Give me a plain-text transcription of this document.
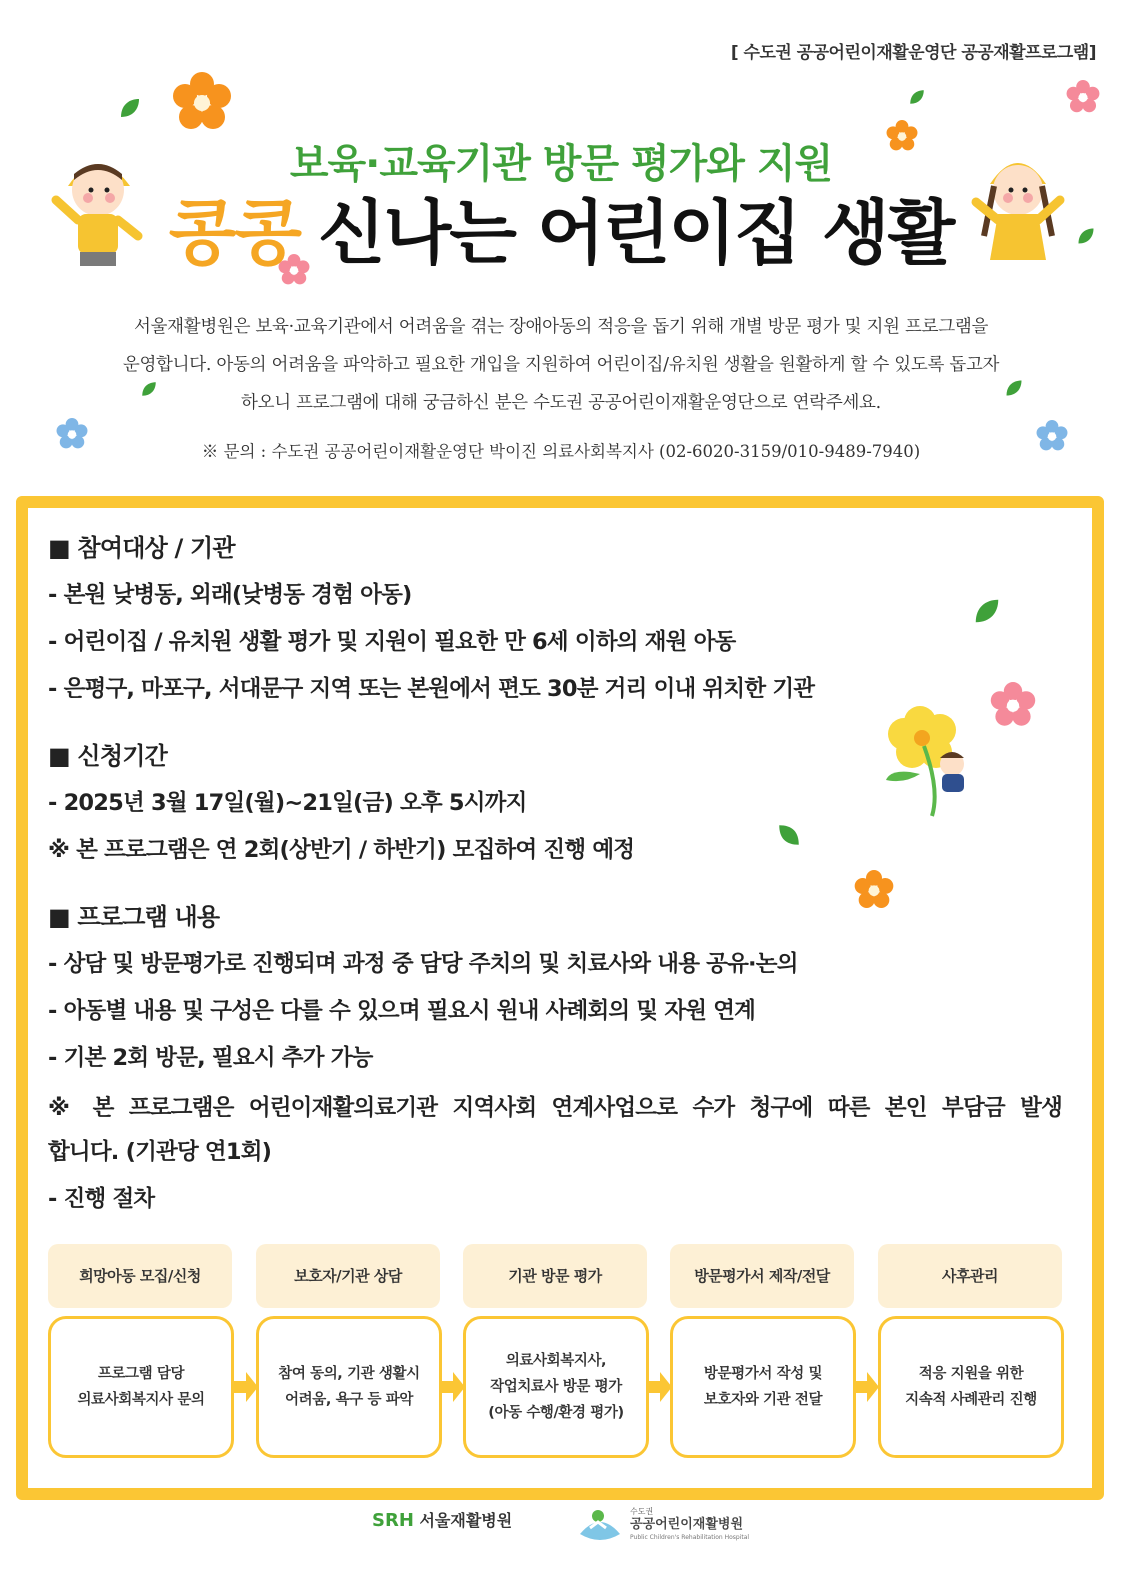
[ 수도권 공공어린이재활운영단 공공재활프로그램]
보육·교육기관 방문 평가와 지원
콩콩 신나는 어린이집 생활
서울재활병원은 보육·교육기관에서 어려움을 겪는 장애아동의 적응을 돕기 위해 개별 방문 평가 및 지원 프로그램을
운영합니다. 아동의 어려움을 파악하고 필요한 개입을 지원하여 어린이집/유치원 생활을 원활하게 할 수 있도록 돕고자
하오니 프로그램에 대해 궁금하신 분은 수도권 공공어린이재활운영단으로 연락주세요.
※ 문의 : 수도권 공공어린이재활운영단 박이진 의료사회복지사 (02-6020-3159/010-9489-7940)
■ 참여대상 / 기관
- 본원 낮병동, 외래(낮병동 경험 아동)
- 어린이집 / 유치원 생활 평가 및 지원이 필요한 만 6세 이하의 재원 아동
- 은평구, 마포구, 서대문구 지역 또는 본원에서 편도 30분 거리 이내 위치한 기관
■ 신청기간
- 2025년 3월 17일(월)~21일(금) 오후 5시까지
※ 본 프로그램은 연 2회(상반기 / 하반기) 모집하여 진행 예정
■ 프로그램 내용
- 상담 및 방문평가로 진행되며 과정 중 담당 주치의 및 치료사와 내용 공유·논의
- 아동별 내용 및 구성은 다를 수 있으며 필요시 원내 사례회의 및 자원 연계
- 기본 2회 방문, 필요시 추가 가능
※ 본 프로그램은 어린이재활의료기관 지역사회 연계사업으로 수가 청구에 따른 본인 부담금 발생
합니다. (기관당 연1회)
- 진행 절차
희망아동 모집/신청
프로그램 담당
의료사회복지사 문의
보호자/기관 상담
참여 동의, 기관 생활시
어려움, 욕구 등 파악
기관 방문 평가
의료사회복지사,
작업치료사 방문 평가
(아동 수행/환경 평가)
방문평가서 제작/전달
방문평가서 작성 및
보호자와 기관 전달
사후관리
적응 지원을 위한
지속적 사례관리 진행
SRH 서울재활병원	수도권
공공어린이재활병원
Public Children's Rehabilitation Hospital
